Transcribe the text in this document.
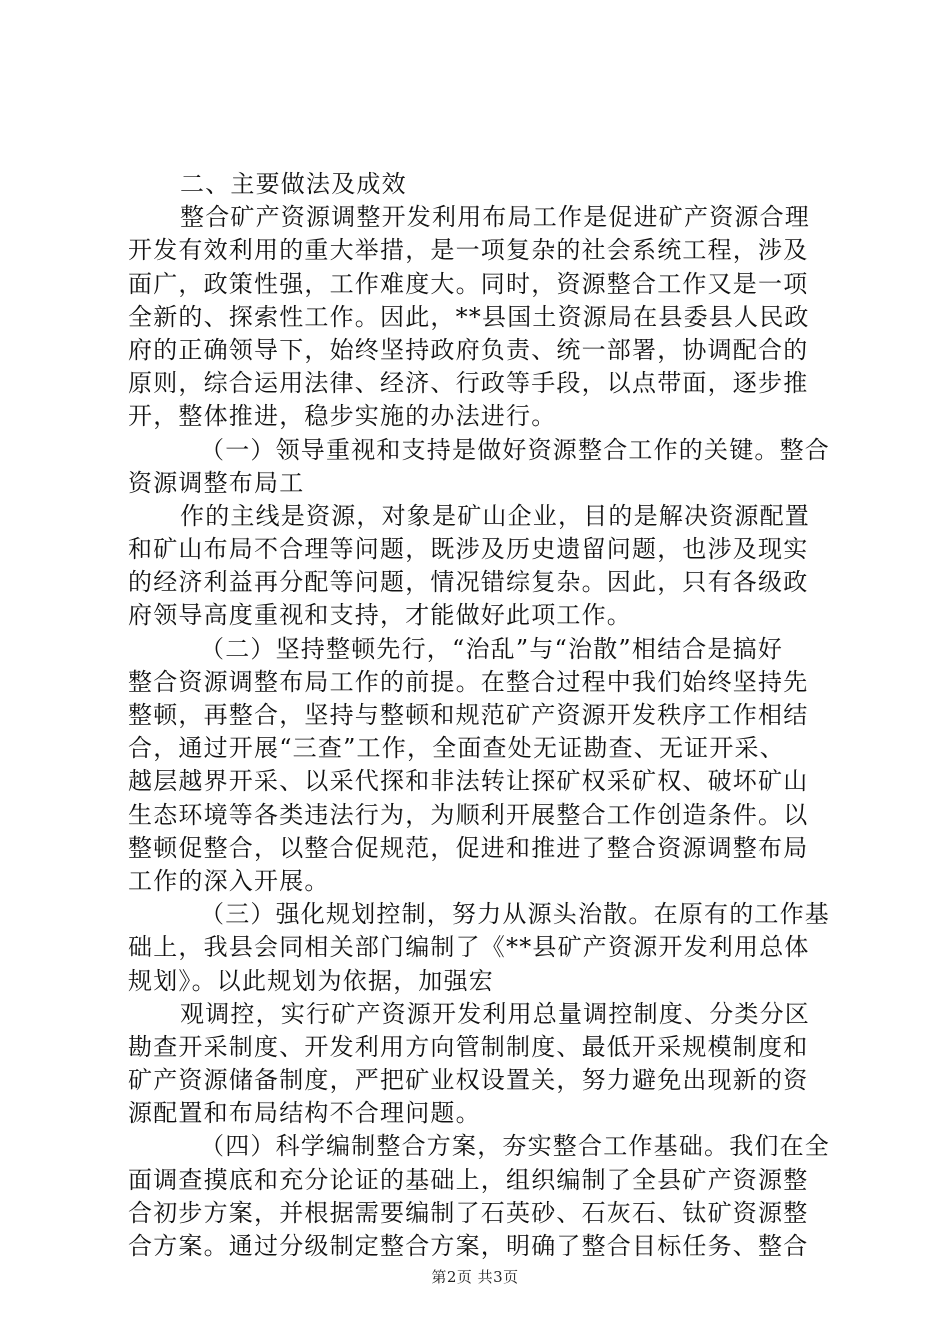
二、主要做法及成效
整合矿产资源调整开发利用布局工作是促进矿产资源合理
开发有效利用的重大举措，是一项复杂的社会系统工程，涉及
面广，政策性强，工作难度大。同时，资源整合工作又是一项
全新的、探索性工作。因此，**县国土资源局在县委县人民政
府的正确领导下，始终坚持政府负责、统一部署，协调配合的
原则，综合运用法律、经济、行政等手段，以点带面，逐步推
开，整体推进，稳步实施的办法进行。
（一）领导重视和支持是做好资源整合工作的关键。整合
资源调整布局工
作的主线是资源，对象是矿山企业，目的是解决资源配置
和矿山布局不合理等问题，既涉及历史遗留问题，也涉及现实
的经济利益再分配等问题，情况错综复杂。因此，只有各级政
府领导高度重视和支持，才能做好此项工作。
（二）坚持整顿先行，“治乱”与“治散”相结合是搞好
整合资源调整布局工作的前提。在整合过程中我们始终坚持先
整顿，再整合，坚持与整顿和规范矿产资源开发秩序工作相结
合，通过开展“三查”工作，全面查处无证勘查、无证开采、
越层越界开采、以采代探和非法转让探矿权采矿权、破坏矿山
生态环境等各类违法行为，为顺利开展整合工作创造条件。以
整顿促整合，以整合促规范，促进和推进了整合资源调整布局
工作的深入开展。
（三）强化规划控制，努力从源头治散。在原有的工作基
础上，我县会同相关部门编制了《**县矿产资源开发利用总体
规划》。以此规划为依据，加强宏
观调控，实行矿产资源开发利用总量调控制度、分类分区
勘查开采制度、开发利用方向管制制度、最低开采规模制度和
矿产资源储备制度，严把矿业权设置关，努力避免出现新的资
源配置和布局结构不合理问题。
（四）科学编制整合方案，夯实整合工作基础。我们在全
面调查摸底和充分论证的基础上，组织编制了全县矿产资源整
合初步方案，并根据需要编制了石英砂、石灰石、钛矿资源整
合方案。通过分级制定整合方案，明确了整合目标任务、整合
第2页 共3页
